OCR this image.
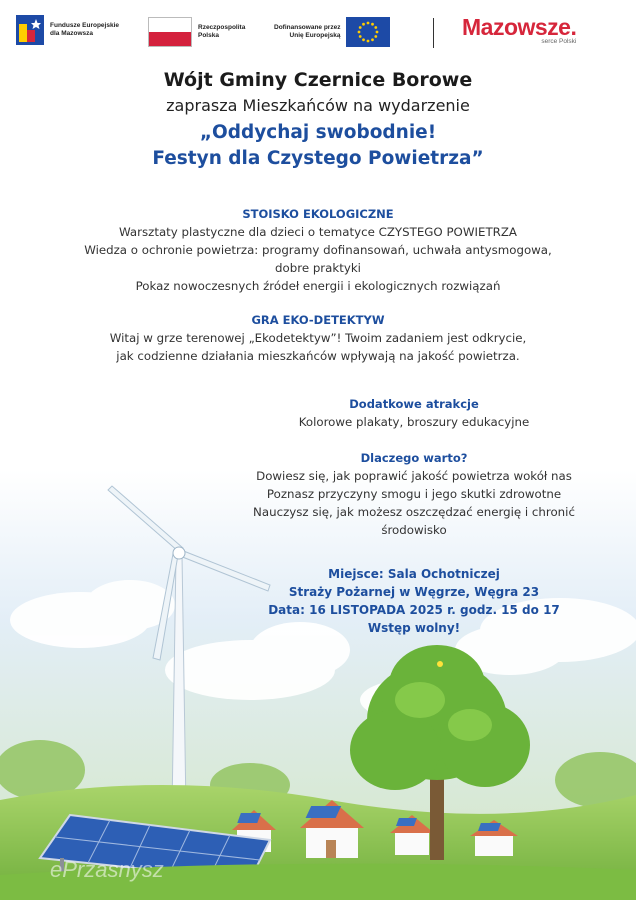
Fundusze Europejskie
dla Mazowsza
Rzeczpospolita
Polska
Dofinansowane przez
Unię Europejską	Mazowsze.
serce Polski
ePrzasnysz
Wójt Gminy Czernice Borowe
zaprasza Mieszkańców na wydarzenie
„Oddychaj swobodnie!
Festyn dla Czystego Powietrza”
STOISKO EKOLOGICZNE
Warsztaty plastyczne dla dzieci o tematyce CZYSTEGO POWIETRZA
Wiedza o ochronie powietrza: programy dofinansowań, uchwała antysmogowa,
dobre praktyki
Pokaz nowoczesnych źródeł energii i ekologicznych rozwiązań
GRA EKO-DETEKTYW
Witaj w grze terenowej „Ekodetektyw”! Twoim zadaniem jest odkrycie,
jak codzienne działania mieszkańców wpływają na jakość powietrza.
Dodatkowe atrakcje
Kolorowe plakaty, broszury edukacyjne
Dlaczego warto?
Dowiesz się, jak poprawić jakość powietrza wokół nas
Poznasz przyczyny smogu i jego skutki zdrowotne
Nauczysz się, jak możesz oszczędzać energię i chronić
środowisko
Miejsce: Sala Ochotniczej
Straży Pożarnej w Węgrze, Węgra 23
Data: 16 LISTOPADA 2025 r. godz. 15 do 17
Wstęp wolny!
